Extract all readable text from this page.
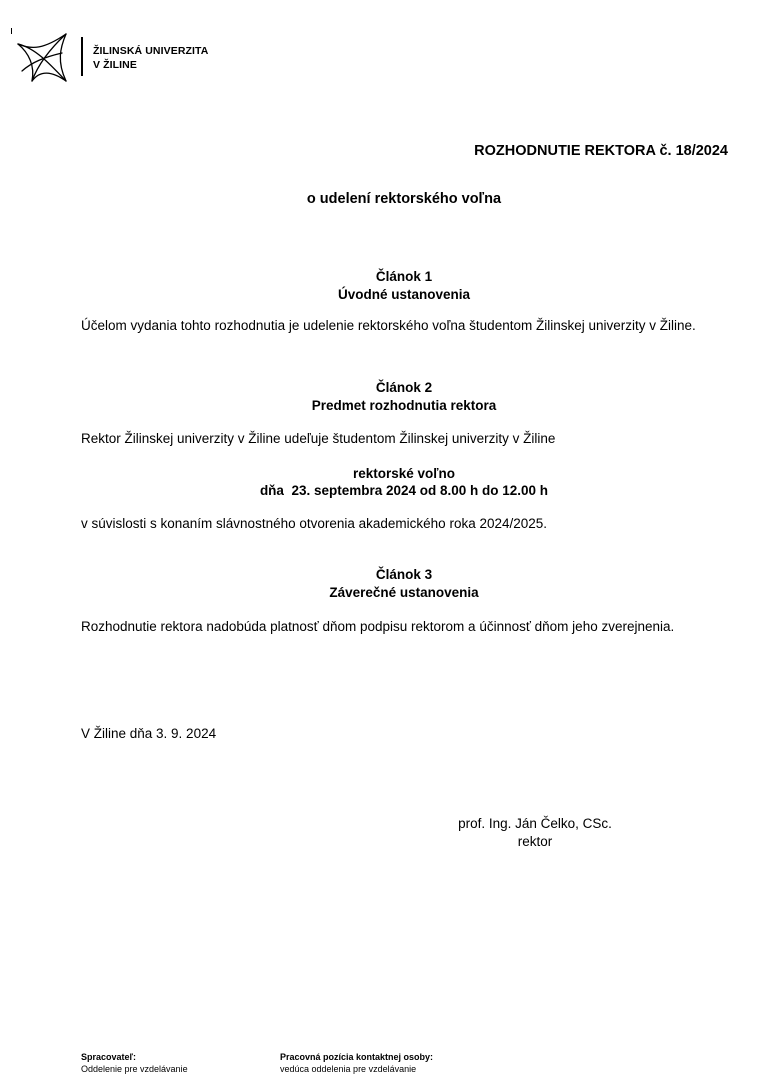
ŽILINSKÁ UNIVERZITA
V ŽILINE
ROZHODNUTIE REKTORA č. 18/2024
o udelení rektorského voľna
Článok 1
Úvodné ustanovenia
Účelom vydania tohto rozhodnutia je udelenie rektorského voľna študentom Žilinskej univerzity v Žiline.
Článok 2
Predmet rozhodnutia rektora
Rektor Žilinskej univerzity v Žiline udeľuje študentom Žilinskej univerzity v Žiline
rektorské voľno
dňa  23. septembra 2024 od 8.00 h do 12.00 h
v súvislosti s konaním slávnostného otvorenia akademického roka 2024/2025.
Článok 3
Záverečné ustanovenia
Rozhodnutie rektora nadobúda platnosť dňom podpisu rektorom a účinnosť dňom jeho zverejnenia.
V Žiline dňa 3. 9. 2024
prof. Ing. Ján Čelko, CSc.
rektor
Spracovateľ:
Oddelenie pre vzdelávanie
Pracovná pozícia kontaktnej osoby:
vedúca oddelenia pre vzdelávanie
